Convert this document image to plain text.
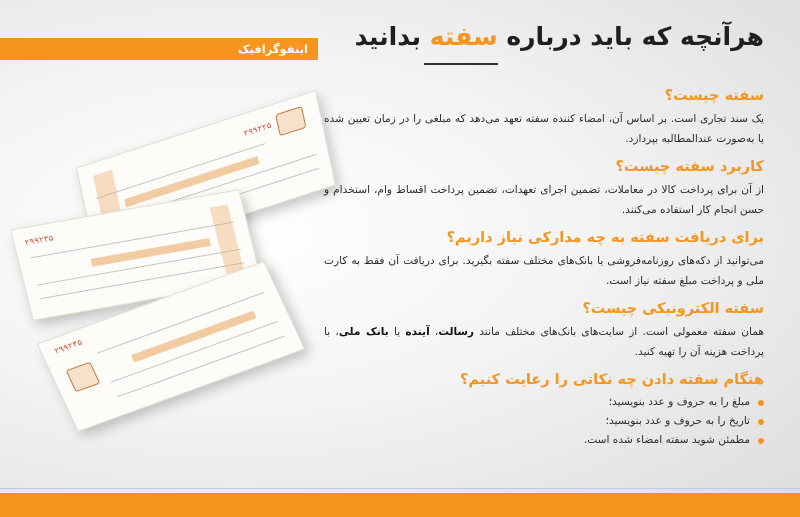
اینفوگرافیک	هرآنچه که باید درباره سفته بدانید
۲۹۹۲۲۵
۲۹۹۲۳۵
۲۹۹۲۳۵
سفته چیست؟

یک سند تجاری است. بر اساس آن، امضاء کننده سفته تعهد می‌دهد که مبلغی را در زمان تعیین شده یا به‌صورت عندالمطالبه بپردازد.

کاربرد سفته چیست؟

از آن برای پرداخت کالا در معاملات، تضمین اجرای تعهدات، تضمین پرداخت اقساط وام، استخدام و حسن انجام کار استفاده می‌کنند.

برای دریافت سفته به چه مدارکی نیاز داریم؟

می‌توانید از دکه‌های روزنامه‌فروشی یا بانک‌های مختلف سفته بگیرید. برای دریافت آن فقط به کارت ملی و پرداخت مبلغ سفته نیاز است.

سفته الکترونیکی چیست؟

همان سفته معمولی است. از سایت‌های بانک‌های مختلف مانند رسالت، آینده یا بانک ملی، با پرداخت هزینه آن را تهیه کنید.

هنگام سفته دادن چه نکاتی را رعایت کنیم؟
مبلغ را به حروف و عدد بنویسید؛
تاریخ را به حروف و عدد بنویسید؛
مطمئن شوید سفته امضاء شده است.
